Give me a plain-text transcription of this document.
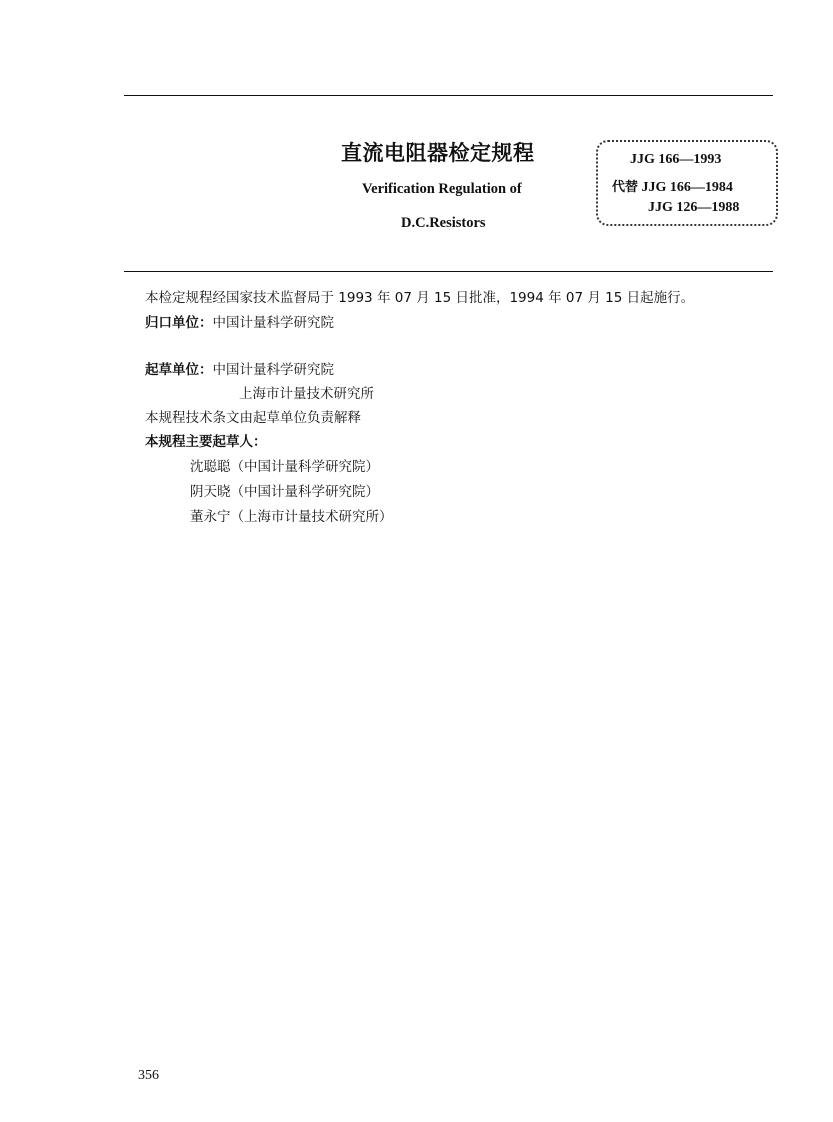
直流电阻器检定规程
Verification Regulation of
D.C.Resistors
JJG 166—1993
代替 JJG 166—1984
JJG 126—1988
本检定规程经国家技术监督局于 1993 年 07 月 15 日批准，1994 年 07 月 15 日起施行。
归口单位：中国计量科学研究院
起草单位：中国计量科学研究院
上海市计量技术研究所
本规程技术条文由起草单位负责解释
本规程主要起草人：
沈聪聪（中国计量科学研究院）
阴天晓（中国计量科学研究院）
董永宁（上海市计量技术研究所）
356
